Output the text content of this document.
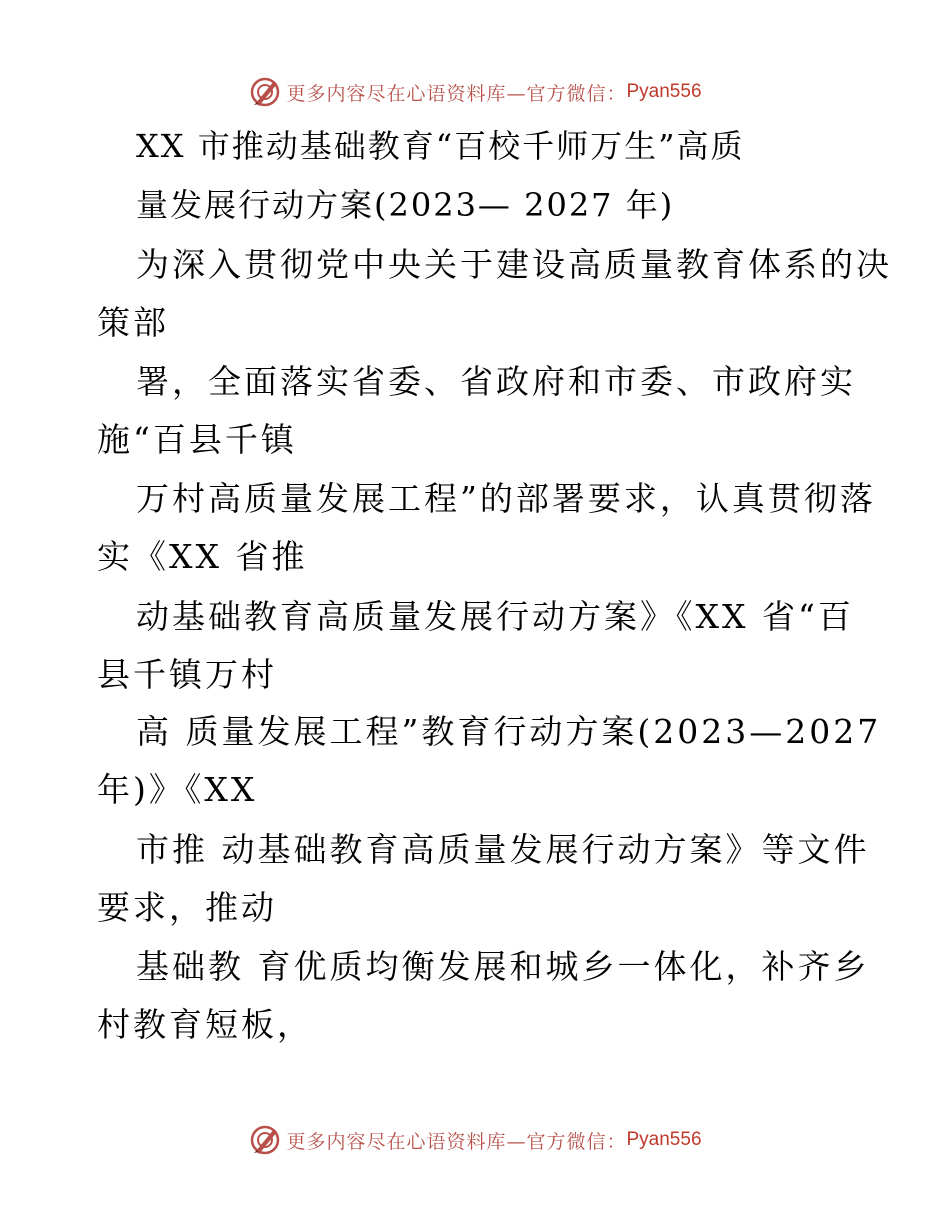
更多内容尽在心语资料库—官方微信： Pyan556
XX 市推动基础教育“百校千师万生”高质
量发展行动方案(2023— 2027 年)
为深入贯彻党中央关于建设高质量教育体系的决
策部
署，全面落实省委、省政府和市委、市政府实
施“百县千镇
万村高质量发展工程”的部署要求，认真贯彻落
实《XX 省推
动基础教育高质量发展行动方案》《XX 省“百
县千镇万村
高 质量发展工程”教育行动方案(2023—2027
年)》《XX
市推 动基础教育高质量发展行动方案》等文件
要求，推动
基础教 育优质均衡发展和城乡一体化，补齐乡
村教育短板，
更多内容尽在心语资料库—官方微信： Pyan556
